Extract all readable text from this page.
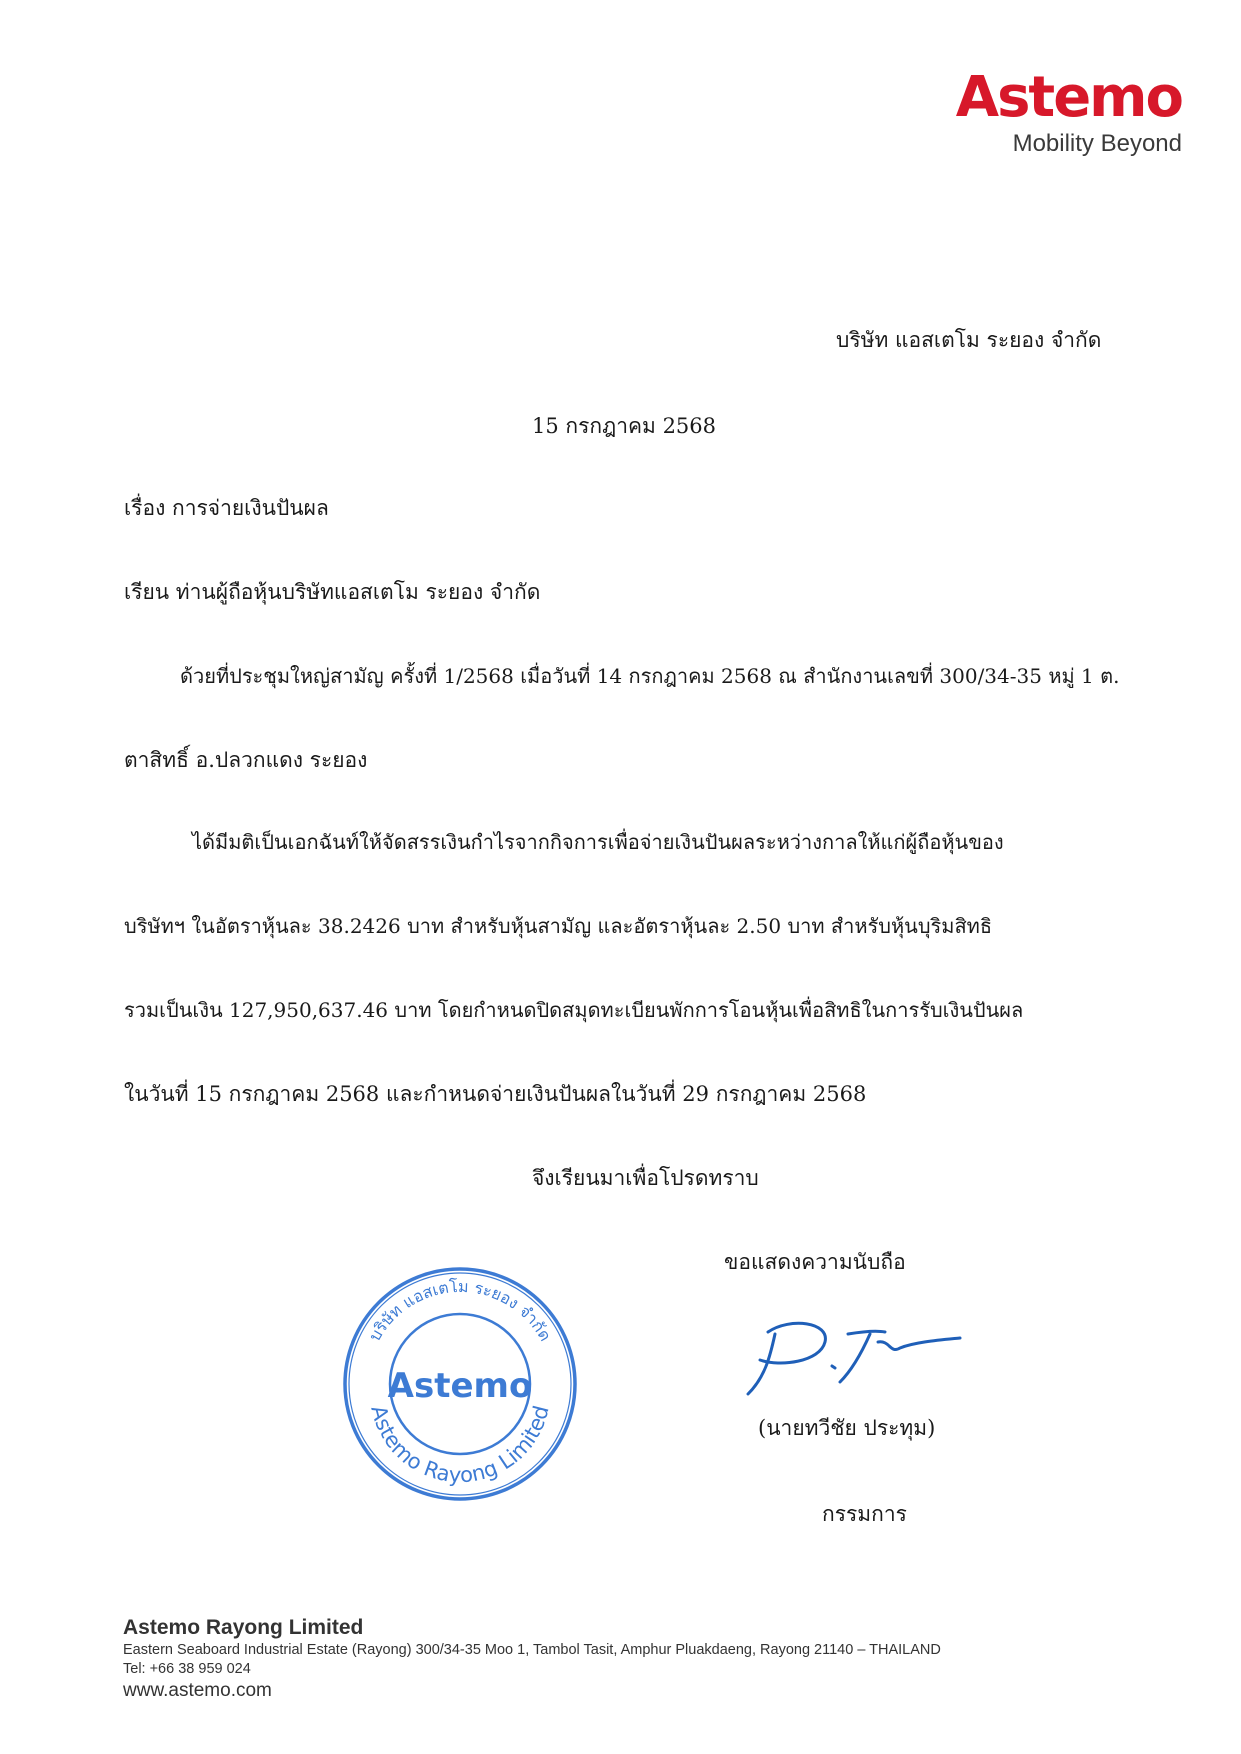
Astemo
Mobility Beyond
บริษัท แอสเตโม ระยอง จำกัด
15 กรกฎาคม 2568
เรื่อง การจ่ายเงินปันผล
เรียน ท่านผู้ถือหุ้นบริษัทแอสเตโม ระยอง จำกัด
ด้วยที่ประชุมใหญ่สามัญ ครั้งที่ 1/2568 เมื่อวันที่ 14 กรกฎาคม 2568 ณ สำนักงานเลขที่ 300/34-35 หมู่ 1 ต.
ตาสิทธิ์ อ.ปลวกแดง ระยอง
ได้มีมติเป็นเอกฉันท์ให้จัดสรรเงินกำไรจากกิจการเพื่อจ่ายเงินปันผลระหว่างกาลให้แก่ผู้ถือหุ้นของ
บริษัทฯ ในอัตราหุ้นละ 38.2426 บาท สำหรับหุ้นสามัญ และอัตราหุ้นละ 2.50 บาท สำหรับหุ้นบุริมสิทธิ
รวมเป็นเงิน 127,950,637.46 บาท โดยกำหนดปิดสมุดทะเบียนพักการโอนหุ้นเพื่อสิทธิในการรับเงินปันผล
ในวันที่ 15 กรกฎาคม 2568 และกำหนดจ่ายเงินปันผลในวันที่ 29 กรกฎาคม 2568
จึงเรียนมาเพื่อโปรดทราบ
ขอแสดงความนับถือ
(นายทวีชัย ประทุม)
กรรมการ
บริษัท แอสเตโม ระยอง จำกัด
Astemo
Astemo Rayong Limited
Astemo Rayong Limited
Eastern Seaboard Industrial Estate (Rayong) 300/34-35 Moo 1, Tambol Tasit, Amphur Pluakdaeng, Rayong 21140 – THAILAND
Tel: +66 38 959 024
www.astemo.com
